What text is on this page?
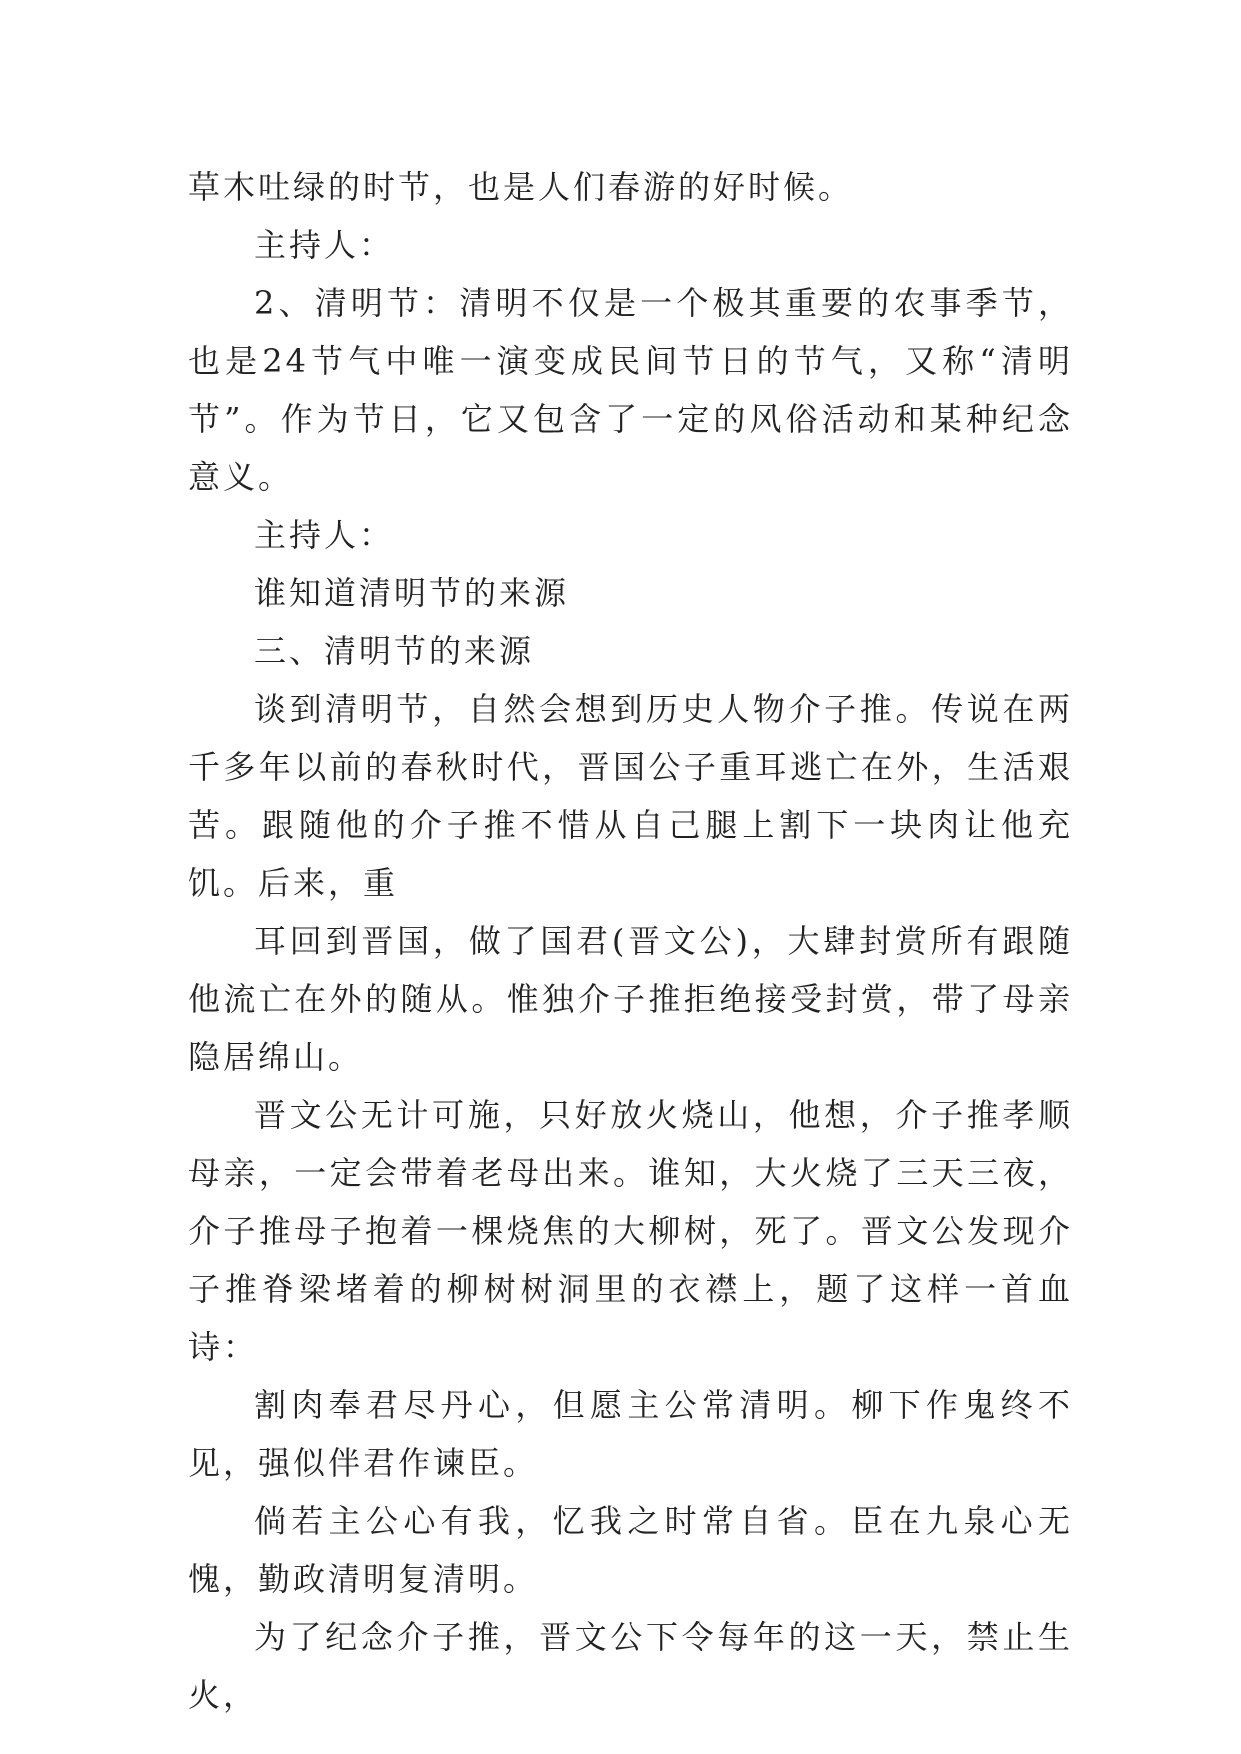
草木吐绿的时节，也是人们春游的好时候。

主持人：

2、清明节：清明不仅是一个极其重要的农事季节，也是24节气中唯一演变成民间节日的节气，又称“清明节”。作为节日，它又包含了一定的风俗活动和某种纪念意义。

主持人：

谁知道清明节的来源

三、清明节的来源

谈到清明节，自然会想到历史人物介子推。传说在两千多年以前的春秋时代，晋国公子重耳逃亡在外，生活艰苦。跟随他的介子推不惜从自己腿上割下一块肉让他充饥。后来，重

耳回到晋国，做了国君(晋文公)，大肆封赏所有跟随他流亡在外的随从。惟独介子推拒绝接受封赏，带了母亲隐居绵山。

晋文公无计可施，只好放火烧山，他想，介子推孝顺母亲，一定会带着老母出来。谁知，大火烧了三天三夜，介子推母子抱着一棵烧焦的大柳树，死了。晋文公发现介子推脊梁堵着的柳树树洞里的衣襟上，题了这样一首血诗：

割肉奉君尽丹心，但愿主公常清明。柳下作鬼终不见，强似伴君作谏臣。

倘若主公心有我，忆我之时常自省。臣在九泉心无愧，勤政清明复清明。

为了纪念介子推，晋文公下令每年的这一天，禁止生火，
